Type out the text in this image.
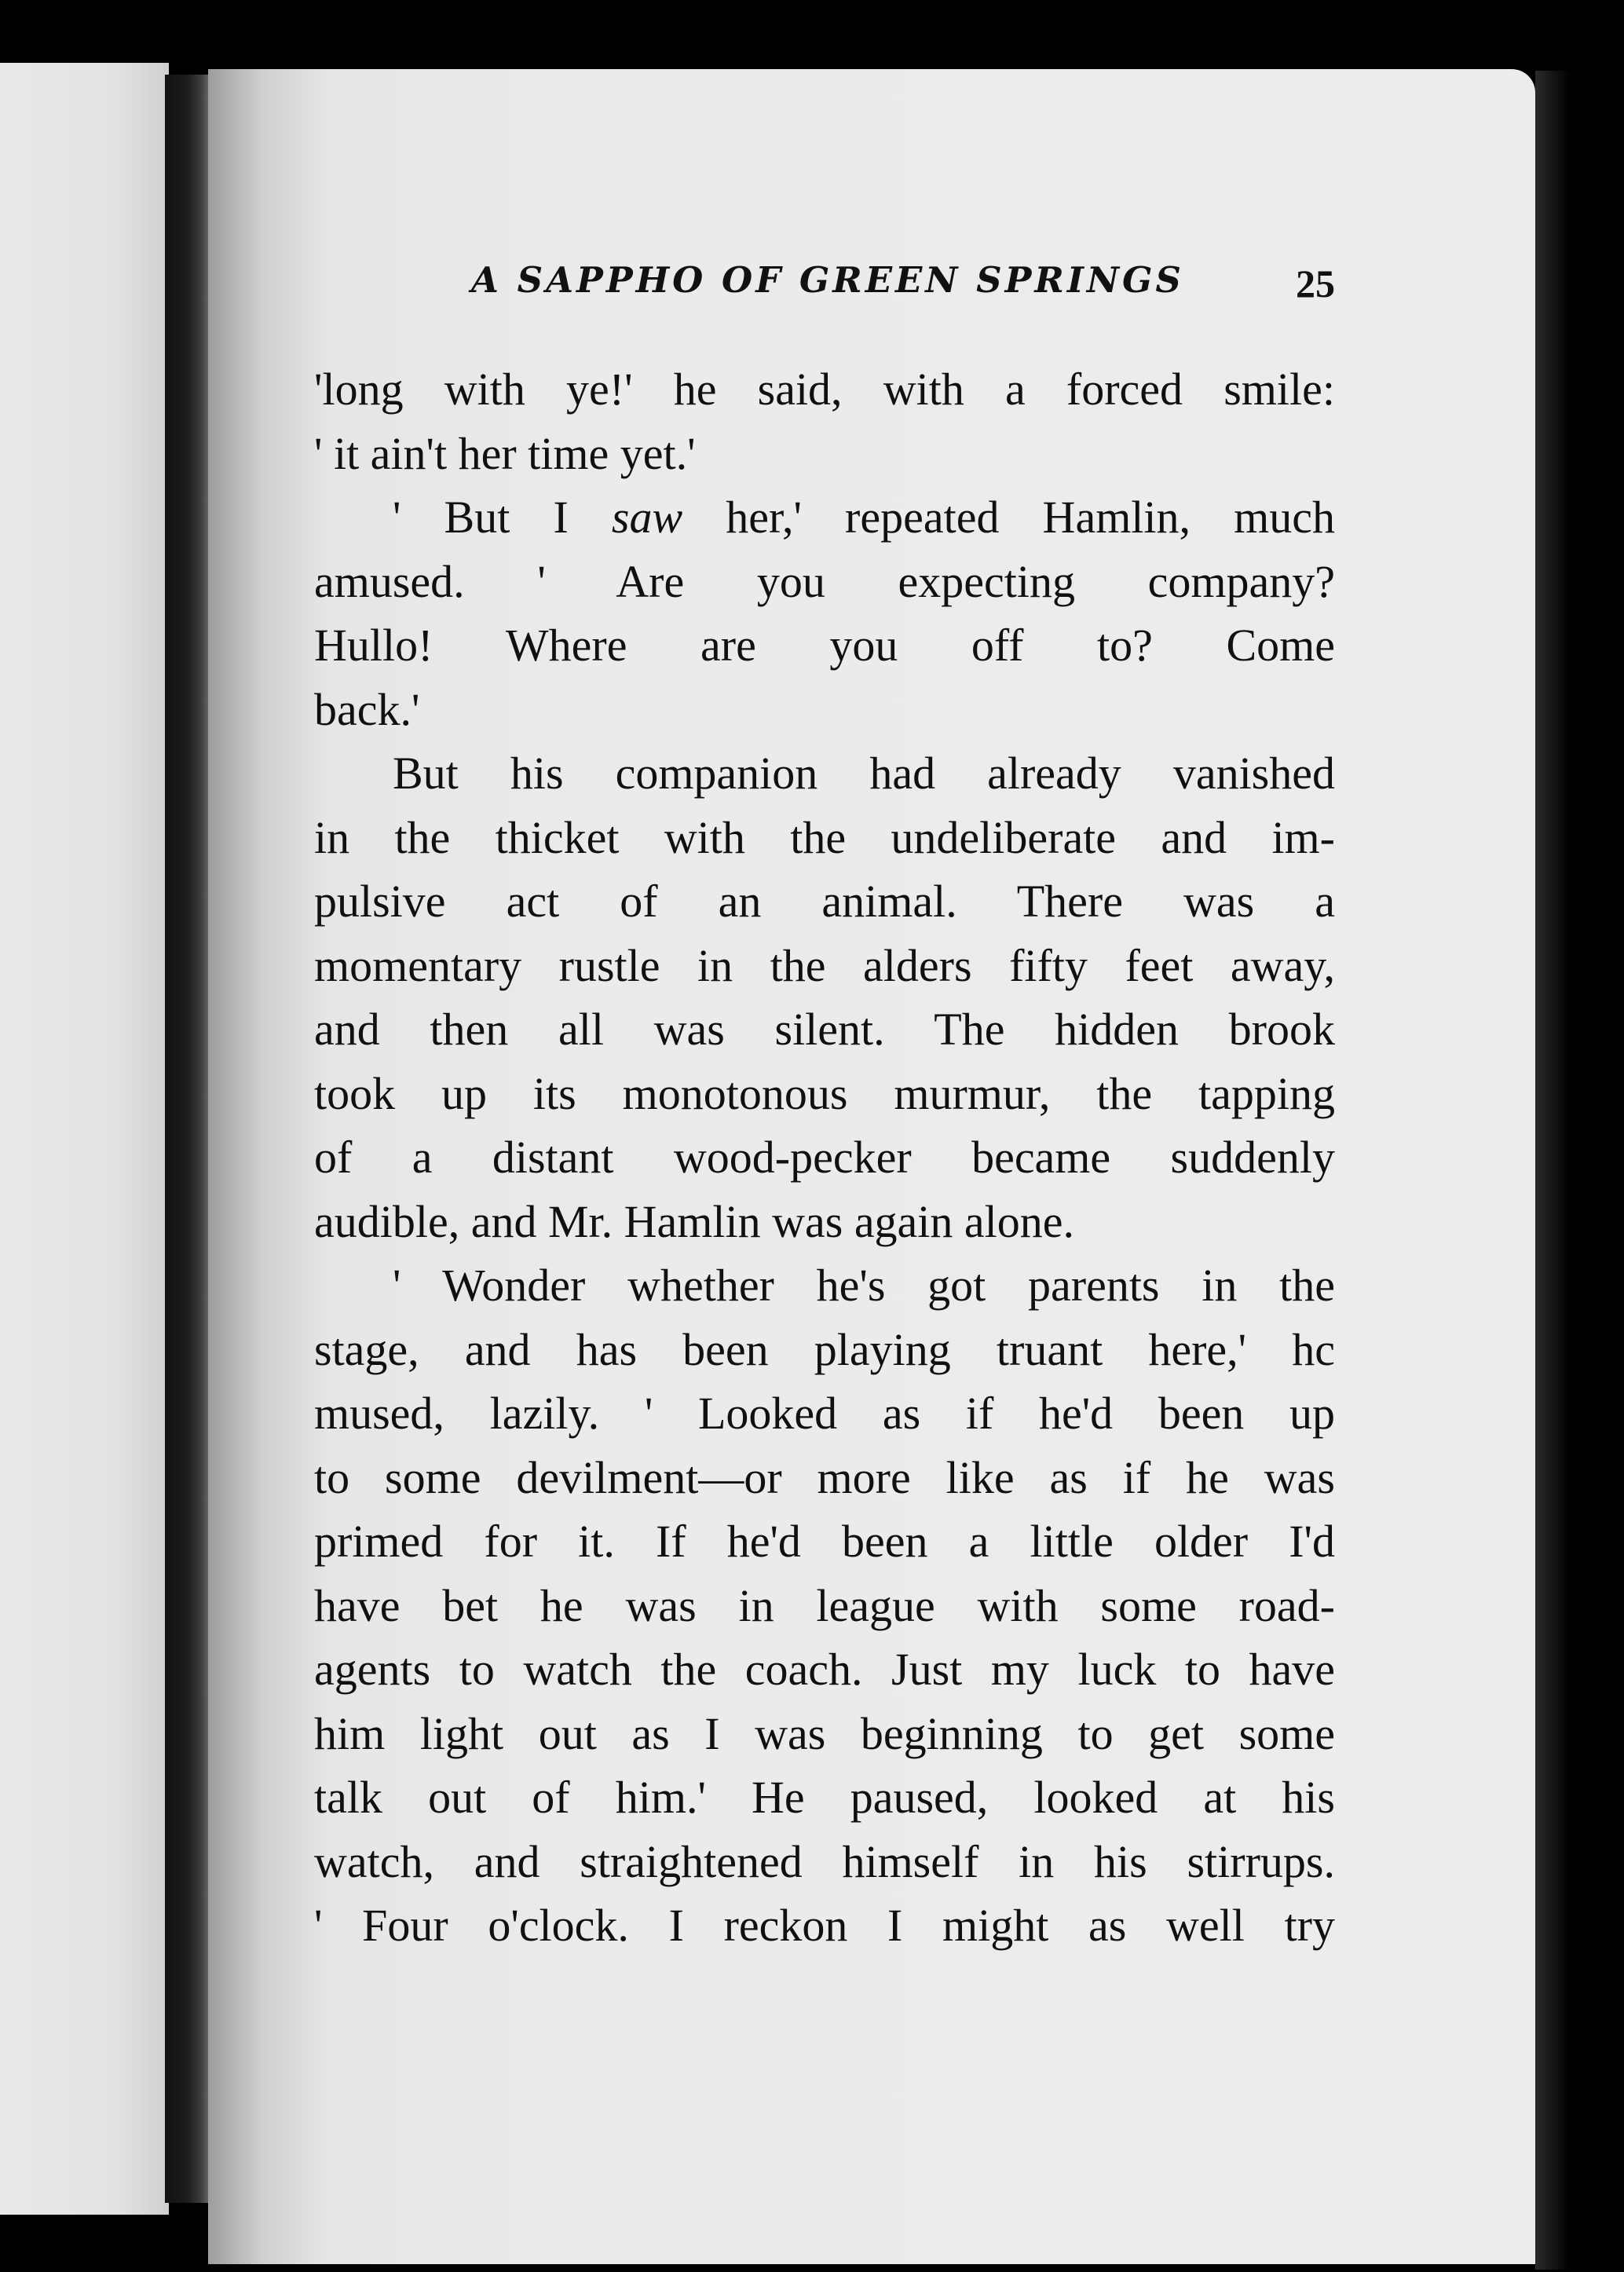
A SAPPHO OF GREEN SPRINGS	25

'long with ye!' he said, with a forced smile:

' it ain't her time yet.'

' But I saw her,' repeated Hamlin, much

amused. ' Are you expecting company?

Hullo! Where are you off to? Come

back.'

But his companion had already vanished

in the thicket with the undeliberate and im-

pulsive act of an animal. There was a

momentary rustle in the alders fifty feet away,

and then all was silent. The hidden brook

took up its monotonous murmur, the tapping

of a distant wood-pecker became suddenly

audible, and Mr. Hamlin was again alone.

' Wonder whether he's got parents in the

stage, and has been playing truant here,' hc

mused, lazily. ' Looked as if he'd been up

to some devilment—or more like as if he was

primed for it. If he'd been a little older I'd

have bet he was in league with some road-

agents to watch the coach. Just my luck to have

him light out as I was beginning to get some

talk out of him.' He paused, looked at his

watch, and straightened himself in his stirrups.

' Four o'clock. I reckon I might as well try
